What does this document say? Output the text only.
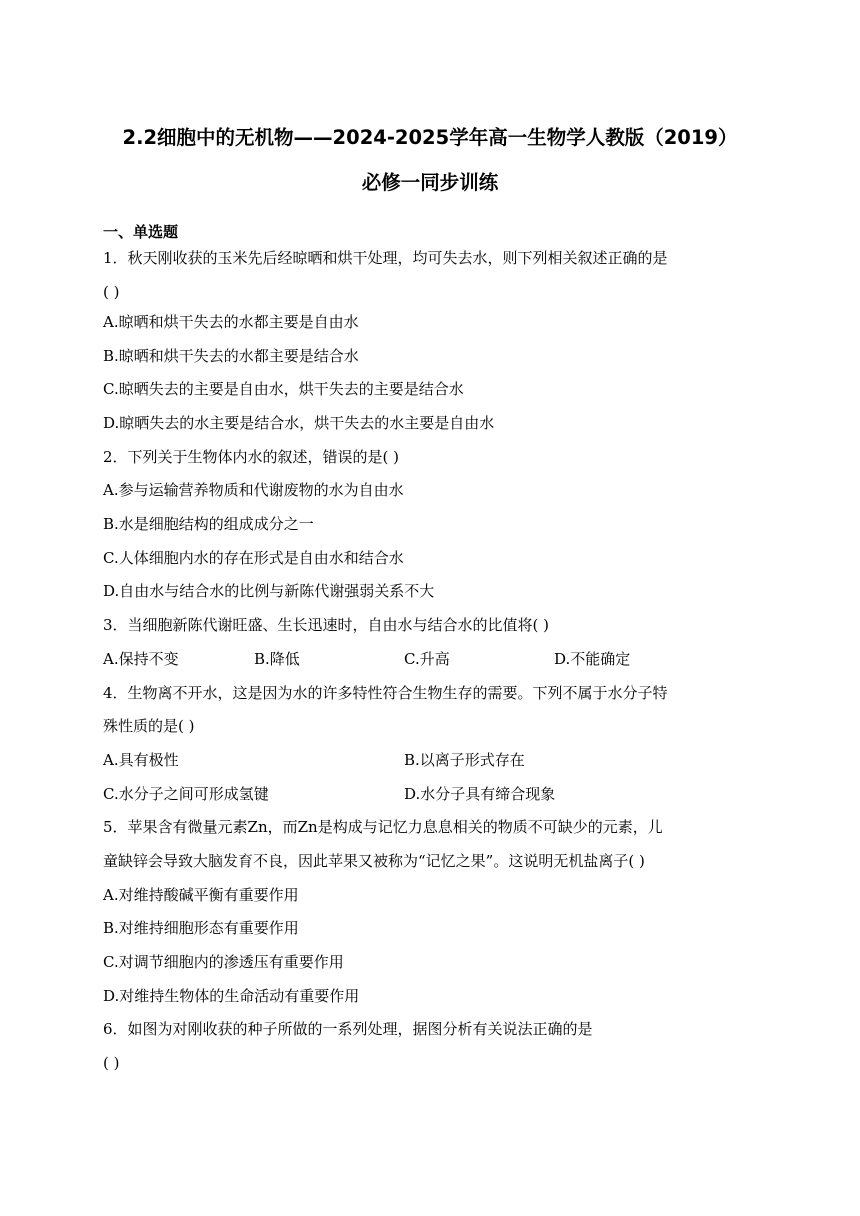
2.2细胞中的无机物——2024-2025学年高一生物学人教版（2019）
必修一同步训练
一、单选题
1．秋天刚收获的玉米先后经晾晒和烘干处理，均可失去水，则下列相关叙述正确的是
( )
A.晾晒和烘干失去的水都主要是自由水
B.晾晒和烘干失去的水都主要是结合水
C.晾晒失去的主要是自由水，烘干失去的主要是结合水
D.晾晒失去的水主要是结合水，烘干失去的水主要是自由水
2．下列关于生物体内水的叙述，错误的是( )
A.参与运输营养物质和代谢废物的水为自由水
B.水是细胞结构的组成成分之一
C.人体细胞内水的存在形式是自由水和结合水
D.自由水与结合水的比例与新陈代谢强弱关系不大
3．当细胞新陈代谢旺盛、生长迅速时，自由水与结合水的比值将( )
A.保持不变	B.降低	C.升高	D.不能确定
4．生物离不开水，这是因为水的许多特性符合生物生存的需要。下列不属于水分子特
殊性质的是( )
A.具有极性	B.以离子形式存在
C.水分子之间可形成氢键	D.水分子具有缔合现象
5．苹果含有微量元素Zn，而Zn是构成与记忆力息息相关的物质不可缺少的元素，儿
童缺锌会导致大脑发育不良，因此苹果又被称为“记忆之果”。这说明无机盐离子( )
A.对维持酸碱平衡有重要作用
B.对维持细胞形态有重要作用
C.对调节细胞内的渗透压有重要作用
D.对维持生物体的生命活动有重要作用
6．如图为对刚收获的种子所做的一系列处理，据图分析有关说法正确的是
( )
